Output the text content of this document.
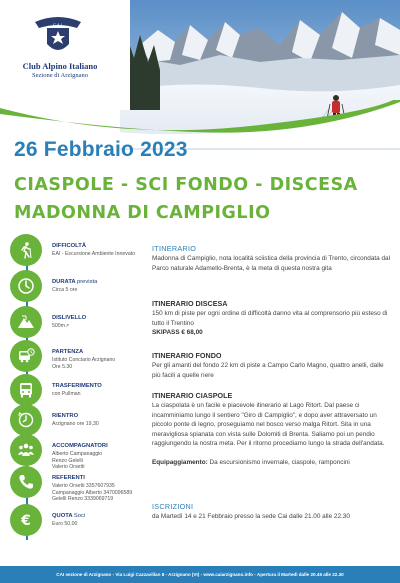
C.A.I.
Club Alpino Italiano
Sezione di Arzignano
26 Febbraio 2023
CIASPOLE - SCI FONDO - DISCESA
MADONNA DI CAMPIGLIO
DIFFICOLTÀ
EAI - Escursione Ambiente Innevato
DURATA prevista
Circa 5 ore
DISLIVELLO
500m↗
PARTENZA
Istituto Conciario Arzignano
Ore 5.30
TRASFERIMENTO
con Pullman
RIENTRO
Arzignano ore 19,30
ACCOMPAGNATORI
Alberto Campanaggio
Renzo Gelelli
Valerio Orsetti
REFERENTI
Valerio Orsetti 3357607935
Campanaggio Alberto 3470096589
Gelelli Renzo 3339069719
€	QUOTA Soci
Euro 50,00
ITINERARIO
Madonna di Campiglio, nota località sciistica della provincia di Trento, circondata dal Parco naturale Adamello-Brenta, è la meta di questa nostra gita
ITINERARIO DISCESA
150 km di piste per ogni ordine di difficoltà danno vita al comprensorio più esteso di tutto il Trentino
SKIPASS € 68,00
ITINERARIO FONDO
Per gli amanti del fondo 22 km di piste a Campo Carlo Magno, quattro anelli, dalle più facili a quelle nere
ITINERARIO CIASPOLE
La ciaspolata è un facile e piacevole itinerario al Lago Ritort. Dal paese ci incamminiamo lungo il sentiero "Giro di Campiglio", e dopo aver attraversato un piccolo ponte di legno, proseguiamo nel bosco verso malga Ritort. Sita in una meravigliosa spianata con vista sulle Dolomiti di Brenta. Saliamo poi un pendio raggiungendo la nostra meta. Per il ritorno procediamo lungo la strada dell'andata.
Equipaggiamento: Da escursionismo invernale, ciaspole, ramponcini
ISCRIZIONI
da Martedì 14 e 21 Febbraio presso la sede Cai dalle 21.00 alle 22.30
CAI sezione di Arzignano - Via Luigi Cazzavillan 8 - Arzignano (VI) - www.caiarzignano.info - Apertura il Martedì dalle 20.45 alle 22.30
